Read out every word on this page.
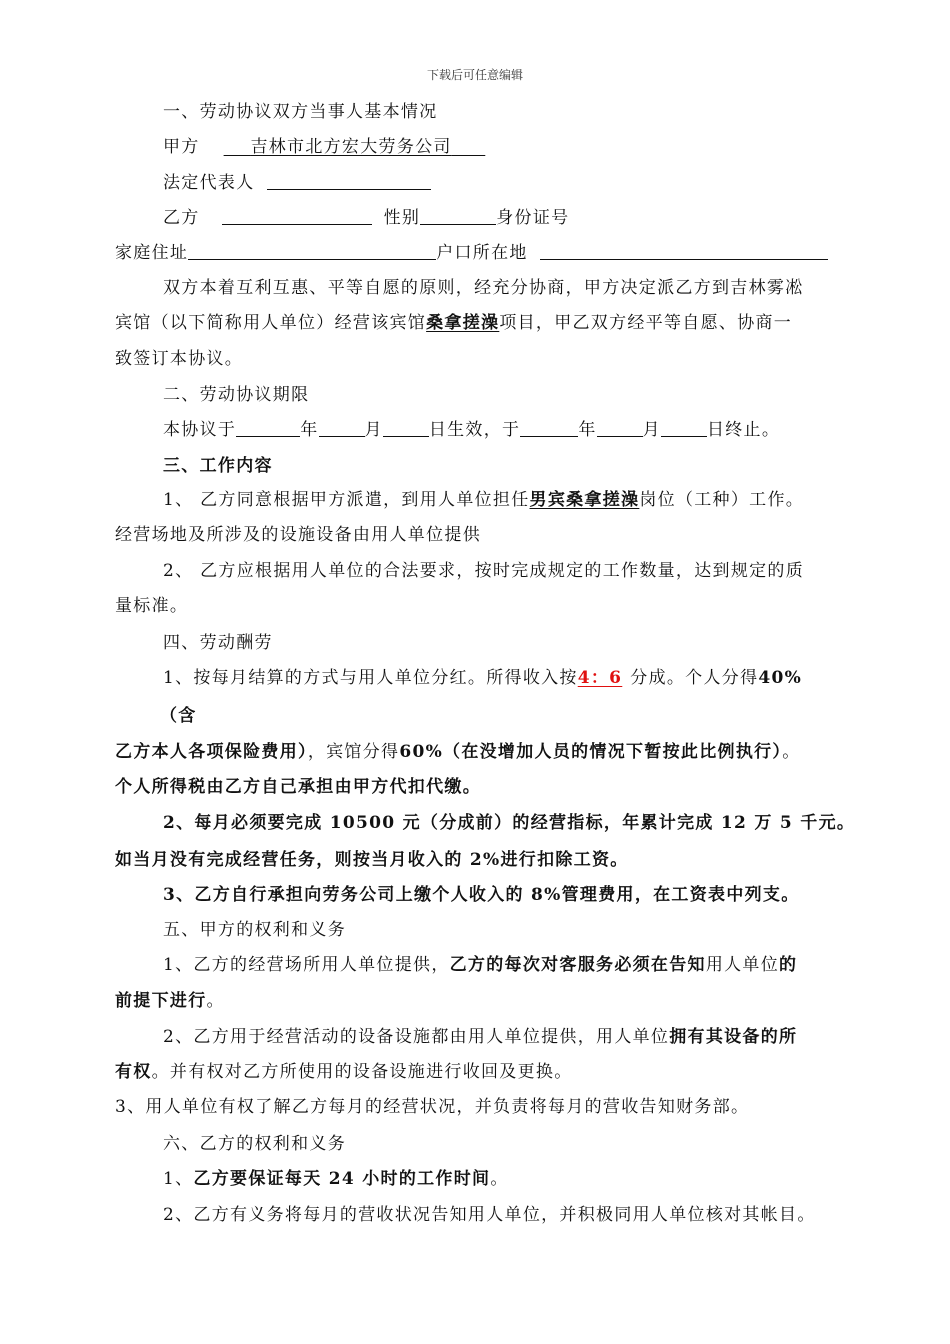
下载后可任意编辑
一、劳动协议双方当事人基本情况
甲方	吉林市北方宏大劳务公司
法定代表人
乙方	性别	身份证号
家庭住址	户口所在地
双方本着互利互惠、平等自愿的原则，经充分协商，甲方决定派乙方到吉林雾凇
宾馆（以下简称用人单位）经营该宾馆桑拿搓澡项目，甲乙双方经平等自愿、协商一
致签订本协议。
二、劳动协议期限
本协议于	年	月	日生效，于	年	月	日终止。
三、工作内容
1、 乙方同意根据甲方派遣，到用人单位担任男宾桑拿搓澡岗位（工种）工作。
经营场地及所涉及的设施设备由用人单位提供
2、 乙方应根据用人单位的合法要求，按时完成规定的工作数量，达到规定的质
量标准。
四、劳动酬劳
1、按每月结算的方式与用人单位分红。所得收入按4：6 分成。个人分得40%
（含
乙方本人各项保险费用），宾馆分得60%（在没增加人员的情况下暂按此比例执行）。
个人所得税由乙方自己承担由甲方代扣代缴。
2、每月必须要完成 10500 元（分成前）的经营指标，年累计完成 12 万 5 千元。
如当月没有完成经营任务，则按当月收入的 2%进行扣除工资。
3、乙方自行承担向劳务公司上缴个人收入的 8%管理费用，在工资表中列支。
五、甲方的权利和义务
1、乙方的经营场所用人单位提供，乙方的每次对客服务必须在告知用人单位的
前提下进行。
2、乙方用于经营活动的设备设施都由用人单位提供，用人单位拥有其设备的所
有权。并有权对乙方所使用的设备设施进行收回及更换。
3、用人单位有权了解乙方每月的经营状况，并负责将每月的营收告知财务部。
六、乙方的权利和义务
1、乙方要保证每天 24 小时的工作时间。
2、乙方有义务将每月的营收状况告知用人单位，并积极同用人单位核对其帐目。
